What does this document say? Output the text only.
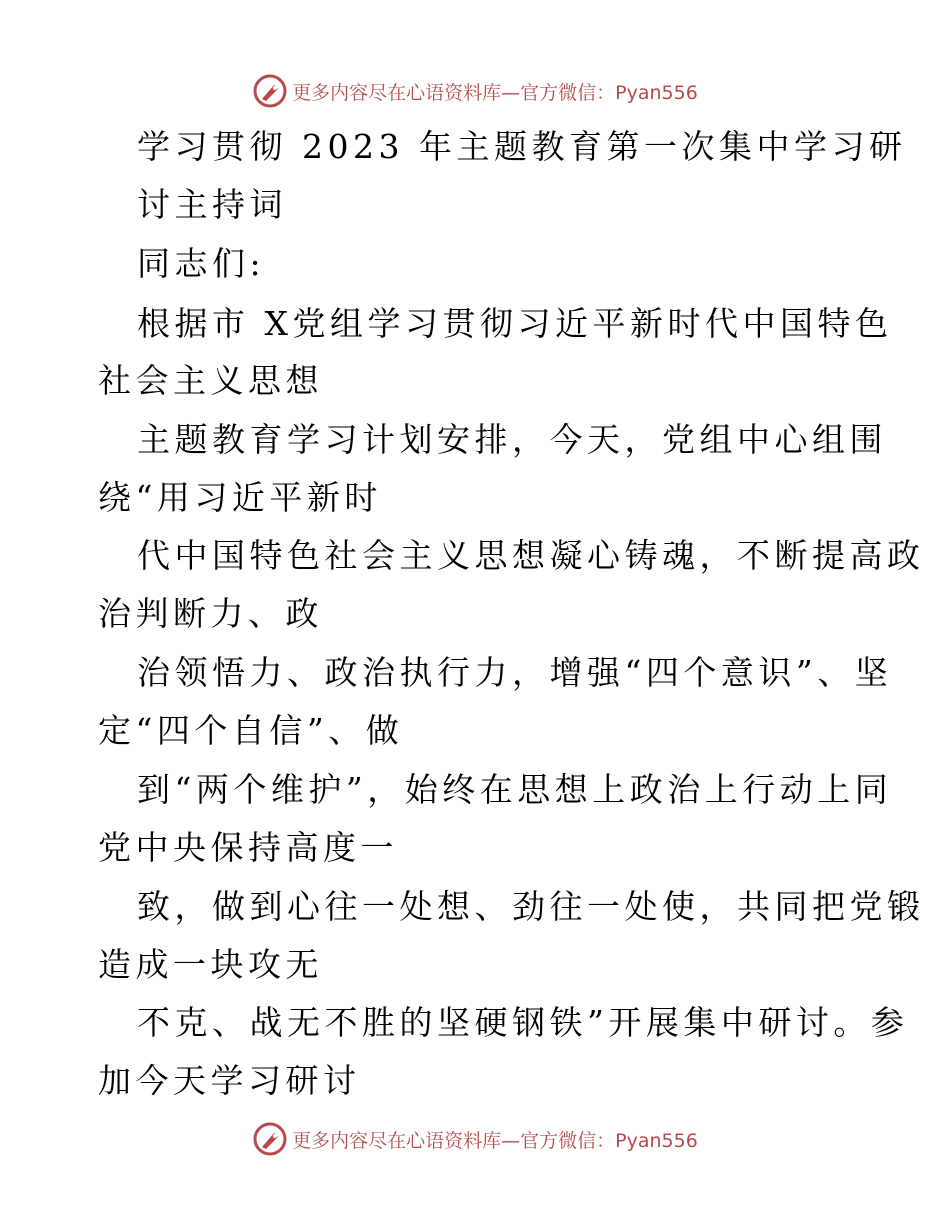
更多内容尽在心语资料库—官方微信：Pyan556
学习贯彻 2023 年主题教育第一次集中学习研
讨主持词
同志们:
根据市 X党组学习贯彻习近平新时代中国特色
社会主义思想
主题教育学习计划安排，今天，党组中心组围
绕“用习近平新时
代中国特色社会主义思想凝心铸魂，不断提高政
治判断力、政
治领悟力、政治执行力，增强“四个意识”、坚
定“四个自信”、做
到“两个维护”，始终在思想上政治上行动上同
党中央保持高度一
致，做到心往一处想、劲往一处使，共同把党锻
造成一块攻无
不克、战无不胜的坚硬钢铁”开展集中研讨。参
加今天学习研讨
更多内容尽在心语资料库—官方微信：Pyan556
